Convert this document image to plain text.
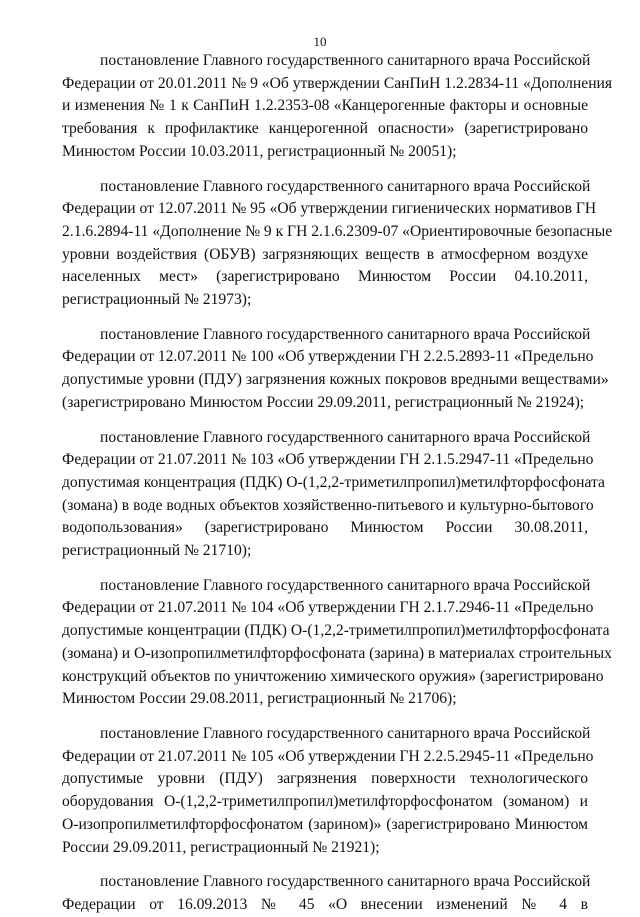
10
постановление Главного государственного санитарного врача Российской
Федерации от 20.01.2011 № 9 «Об утверждении СанПиН 1.2.2834-11 «Дополнения
и изменения № 1 к СанПиН 1.2.2353-08 «Канцерогенные факторы и основные
требования к профилактике канцерогенной опасности» (зарегистрировано
Минюстом России 10.03.2011, регистрационный № 20051);
постановление Главного государственного санитарного врача Российской
Федерации от 12.07.2011 № 95 «Об утверждении гигиенических нормативов ГН
2.1.6.2894-11 «Дополнение № 9 к ГН 2.1.6.2309-07 «Ориентировочные безопасные
уровни воздействия (ОБУВ) загрязняющих веществ в атмосферном воздухе
населенных мест» (зарегистрировано Минюстом России 04.10.2011,
регистрационный № 21973);
постановление Главного государственного санитарного врача Российской
Федерации от 12.07.2011 № 100 «Об утверждении ГН 2.2.5.2893-11 «Предельно
допустимые уровни (ПДУ) загрязнения кожных покровов вредными веществами»
(зарегистрировано Минюстом России 29.09.2011, регистрационный № 21924);
постановление Главного государственного санитарного врача Российской
Федерации от 21.07.2011 № 103 «Об утверждении ГН 2.1.5.2947-11 «Предельно
допустимая концентрация (ПДК) О-(1,2,2-триметилпропил)метилфторфосфоната
(зомана) в воде водных объектов хозяйственно-питьевого и культурно-бытового
водопользования» (зарегистрировано Минюстом России 30.08.2011,
регистрационный № 21710);
постановление Главного государственного санитарного врача Российской
Федерации от 21.07.2011 № 104 «Об утверждении ГН 2.1.7.2946-11 «Предельно
допустимые концентрации (ПДК) О-(1,2,2-триметилпропил)метилфторфосфоната
(зомана) и О-изопропилметилфторфосфоната (зарина) в материалах строительных
конструкций объектов по уничтожению химического оружия» (зарегистрировано
Минюстом России 29.08.2011, регистрационный № 21706);
постановление Главного государственного санитарного врача Российской
Федерации от 21.07.2011 № 105 «Об утверждении ГН 2.2.5.2945-11 «Предельно
допустимые уровни (ПДУ) загрязнения поверхности технологического
оборудования О-(1,2,2-триметилпропил)метилфторфосфонатом (зоманом) и
О-изопропилметилфторфосфонатом (зарином)» (зарегистрировано Минюстом
России 29.09.2011, регистрационный № 21921);
постановление Главного государственного санитарного врача Российской
Федерации от 16.09.2013 № 45 «О внесении изменений № 4 в
